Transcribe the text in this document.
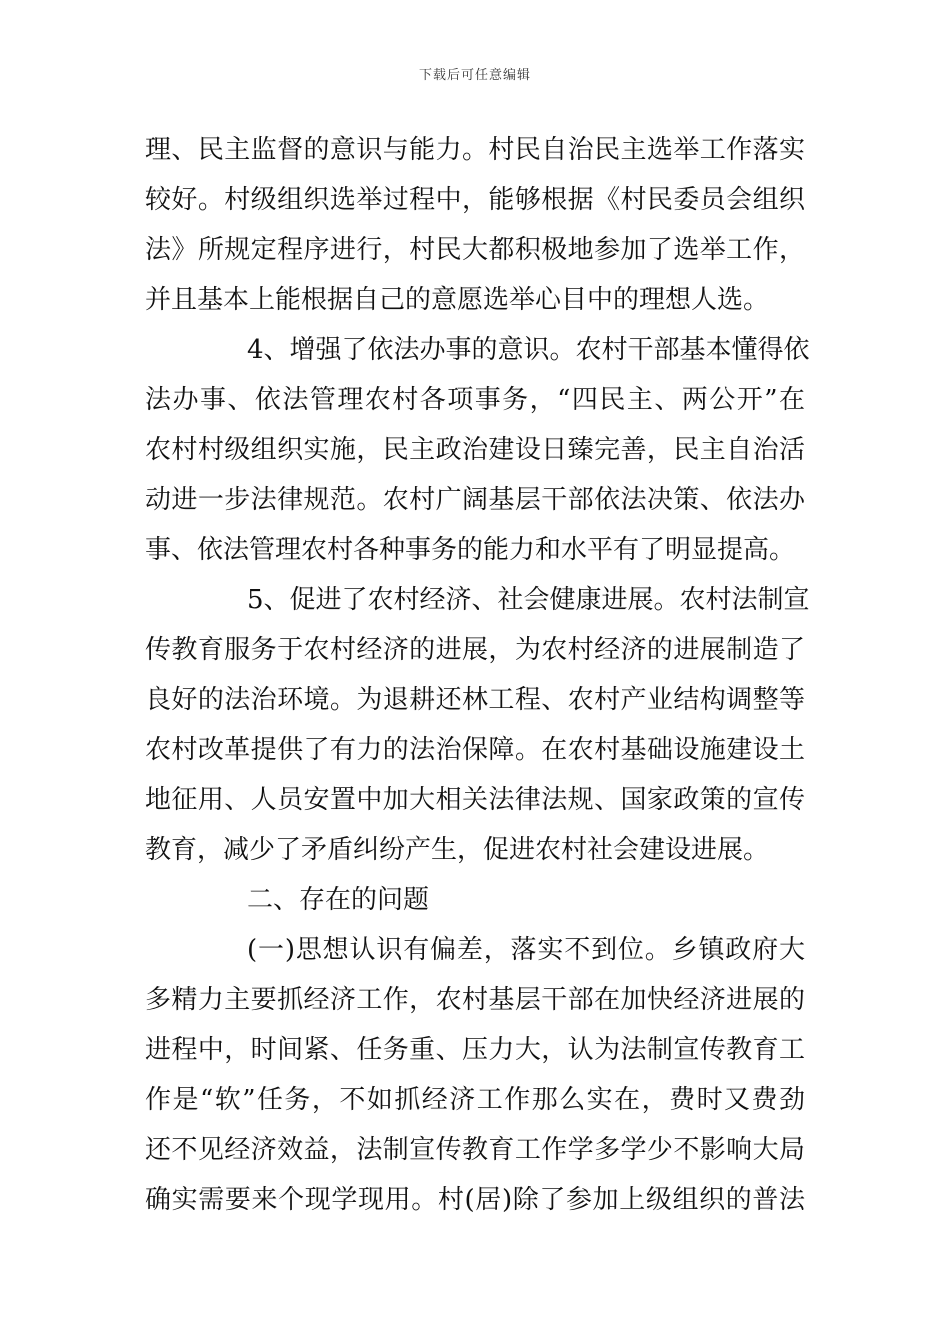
下载后可任意编辑
理、民主监督的意识与能力。村民自治民主选举工作落实
较好。村级组织选举过程中，能够根据《村民委员会组织
法》所规定程序进行，村民大都积极地参加了选举工作，
并且基本上能根据自己的意愿选举心目中的理想人选。
4、增强了依法办事的意识。农村干部基本懂得依
法办事、依法管理农村各项事务，“四民主、两公开”在
农村村级组织实施，民主政治建设日臻完善，民主自治活
动进一步法律规范。农村广阔基层干部依法决策、依法办
事、依法管理农村各种事务的能力和水平有了明显提高。
5、促进了农村经济、社会健康进展。农村法制宣
传教育服务于农村经济的进展，为农村经济的进展制造了
良好的法治环境。为退耕还林工程、农村产业结构调整等
农村改革提供了有力的法治保障。在农村基础设施建设土
地征用、人员安置中加大相关法律法规、国家政策的宣传
教育，减少了矛盾纠纷产生，促进农村社会建设进展。
二、存在的问题
(一)思想认识有偏差，落实不到位。乡镇政府大
多精力主要抓经济工作，农村基层干部在加快经济进展的
进程中，时间紧、任务重、压力大，认为法制宣传教育工
作是“软”任务，不如抓经济工作那么实在，费时又费劲
还不见经济效益，法制宣传教育工作学多学少不影响大局
确实需要来个现学现用。村(居)除了参加上级组织的普法
